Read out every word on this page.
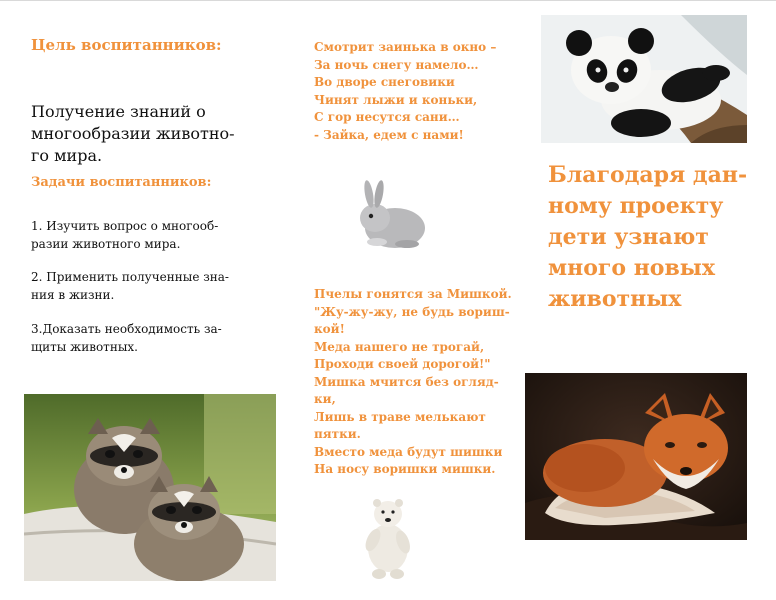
Цель воспитанников:
Получение знаний о
многообразии животно-
го мира.
Задачи воспитанников:
1. Изучить вопрос о многооб-
разии животного мира.
2. Применить полученные зна-
ния в жизни.
3.Доказать необходимость за-
щиты животных.
Смотрит заинька в окно –
За ночь снегу намело…
Во дворе снеговики
Чинят лыжи и коньки,
С гор несутся сани…
- Зайка, едем с нами!
Пчелы гонятся за Мишкой.
"Жу-жу-жу, не будь вориш-
кой!
Меда нашего не трогай,
Проходи своей дорогой!"
Мишка мчится без огляд-
ки,
Лишь в траве мелькают
пятки.
Вместо меда будут шишки
На носу воришки мишки.
Благодаря дан-
ному проекту
дети узнают
много новых
животных
